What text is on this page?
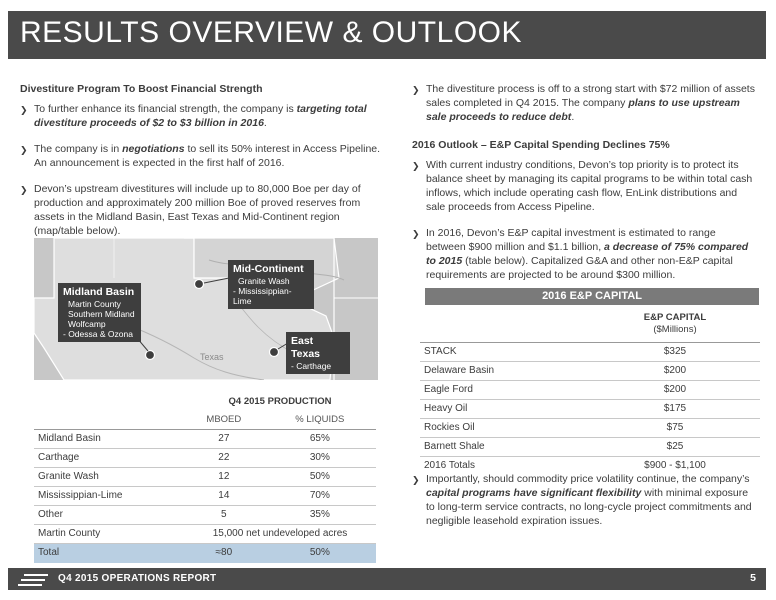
RESULTS OVERVIEW & OUTLOOK
Divestiture Program To Boost Financial Strength
❯ To further enhance its financial strength, the company is targeting total divestiture proceeds of $2 to $3 billion in 2016.
❯ The company is in negotiations to sell its 50% interest in Access Pipeline. An announcement is expected in the first half of 2016.
❯ Devon’s upstream divestitures will include up to 80,000 Boe per day of production and approximately 200 million Boe of proved reserves from assets in the Midland Basin, East Texas and Mid-Continent region (map/table below).
Texas
Midland Basin
Martin County
Southern Midland
Wolfcamp
- Odessa & Ozona
Mid-Continent
Granite Wash
- Mississippian-Lime
East Texas
- Carthage
Q4 2015 PRODUCTION		
	MBOED	% LIQUIDS
Midland Basin	27	65%
Carthage	22	30%
Granite Wash	12	50%
Mississippian-Lime	14	70%
Other	5	35%
Martin County	15,000 net undeveloped acres	
Total	≈80	50%
❯ The divestiture process is off to a strong start with $72 million of assets sales completed in Q4 2015. The company plans to use upstream sale proceeds to reduce debt.
2016 Outlook – E&P Capital Spending Declines 75%
❯ With current industry conditions, Devon’s top priority is to protect its balance sheet by managing its capital programs to be within total cash inflows, which include operating cash flow, EnLink distributions and sale proceeds from Access Pipeline.
❯ In 2016, Devon’s E&P capital investment is estimated to range between $900 million and $1.1 billion, a decrease of 75% compared to 2015 (table below). Capitalized G&A and other non-E&P capital requirements are projected to be around $300 million.
2016 E&P CAPITAL

	E&P CAPITAL
($Millions)

STACK	$325
Delaware Basin	$200
Eagle Ford	$200
Heavy Oil	$175
Rockies Oil	$75
Barnett Shale	$25
2016 Totals	$900 - $1,100
❯ Importantly, should commodity price volatility continue, the company’s capital programs have significant flexibility with minimal exposure to long-term service contracts, no long-cycle project commitments and negligible leasehold expiration issues.
Q4 2015 OPERATIONS REPORT	5
